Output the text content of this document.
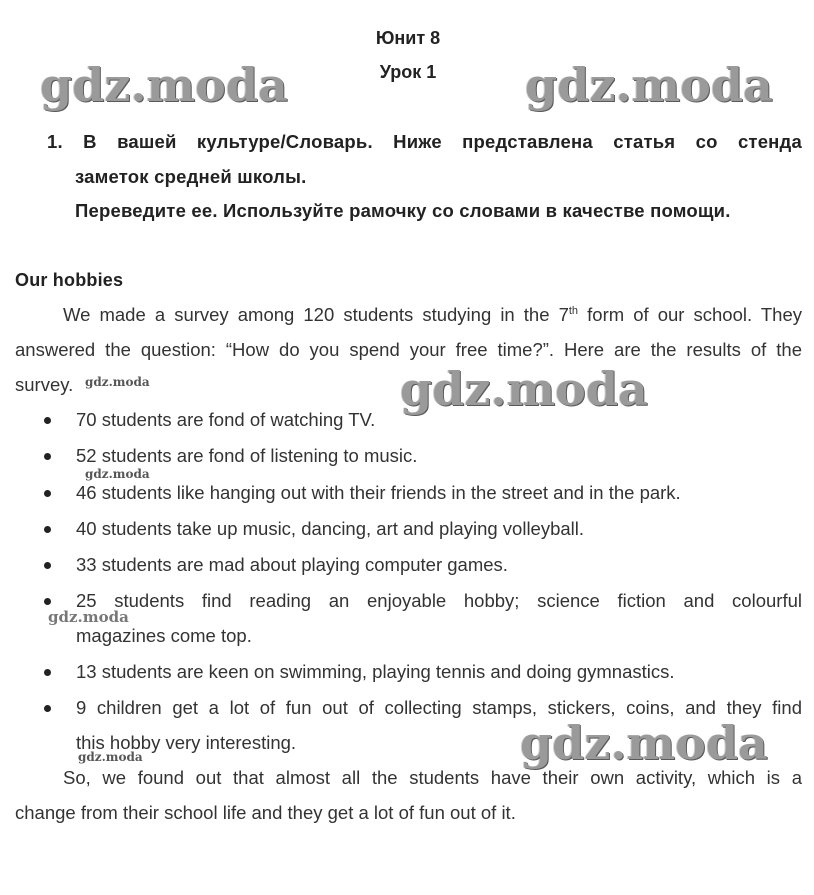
Юнит 8
Урок 1
gdz.moda	gdz.moda
gdz.moda
gdz.moda
gdz.moda
gdz.moda
gdz.moda
gdz.moda
1. В вашей культуре/Словарь. Ниже представлена статья со стенда
заметок средней школы.
Переведите ее. Используйте рамочку со словами в качестве помощи.
Our hobbies
We made a survey among 120 students studying in the 7th form of our school. They
answered the question: “How do you spend your free time?”. Here are the results of the
survey.
70 students are fond of watching TV.
52 students are fond of listening to music.
46 students like hanging out with their friends in the street and in the park.
40 students take up music, dancing, art and playing volleyball.
33 students are mad about playing computer games.
25 students find reading an enjoyable hobby; science fiction and colourful
magazines come top.
13 students are keen on swimming, playing tennis and doing gymnastics.
9 children get a lot of fun out of collecting stamps, stickers, coins, and they find
this hobby very interesting.
So, we found out that almost all the students have their own activity, which is a
change from their school life and they get a lot of fun out of it.
